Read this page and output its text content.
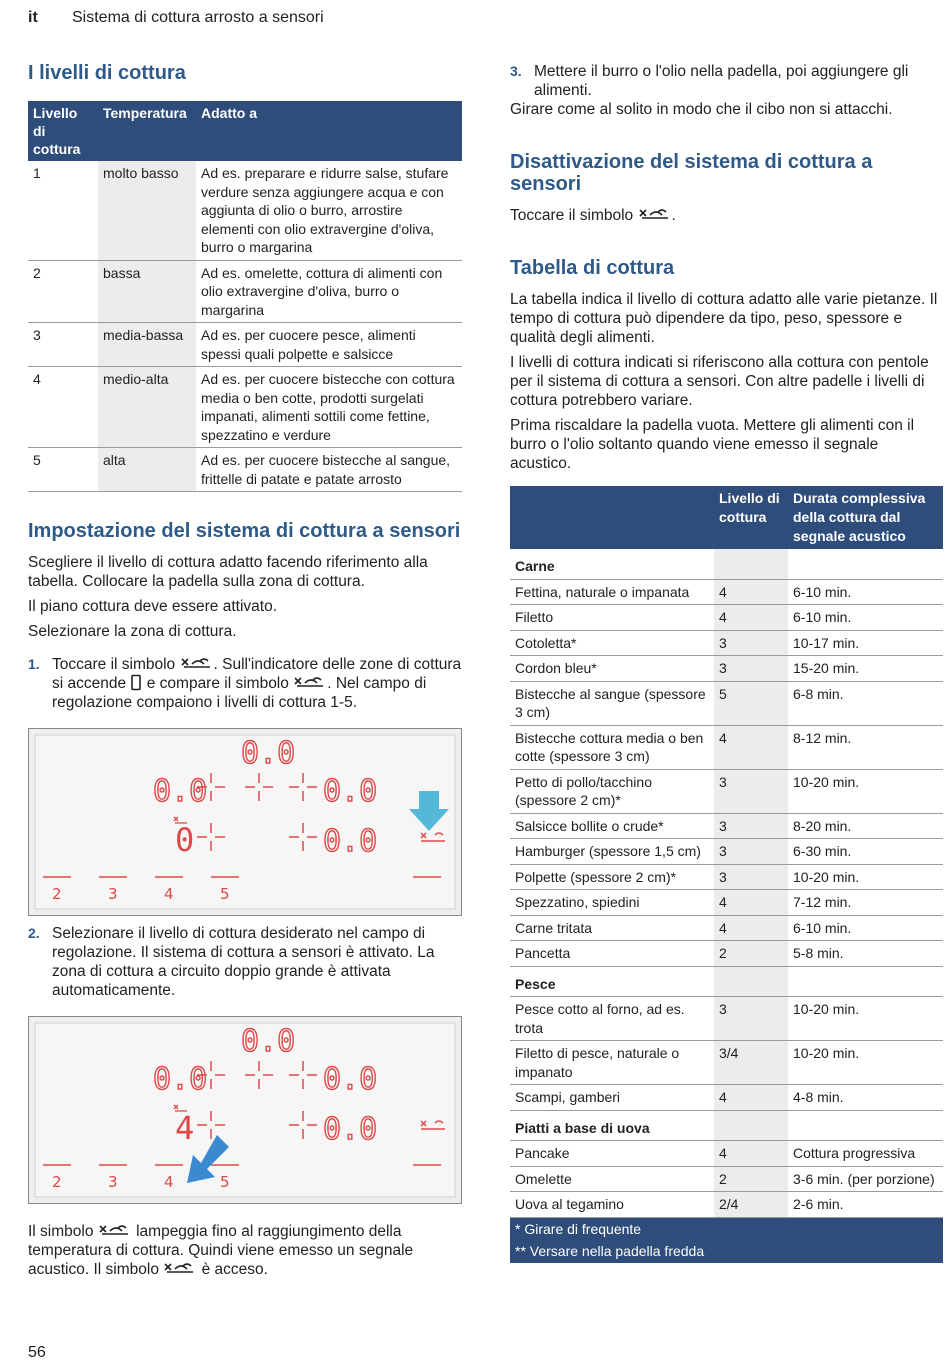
it Sistema di cottura arrosto a sensori
I livelli di cottura
Livello di cottura	Temperatura	Adatto a
1	molto basso	Ad es. preparare e ridurre salse, stufare verdure senza aggiungere acqua e con aggiunta di olio o burro, arrostire elementi con olio extravergine d'oliva, burro o margarina
2	bassa	Ad es. omelette, cottura di alimenti con olio extravergine d'oliva, burro o margarina
3	media-bassa	Ad es. per cuocere pesce, alimenti spessi quali polpette e salsicce
4	medio-alta	Ad es. per cuocere bistecche con cottura media o ben cotte, prodotti surgelati impanati, alimenti sottili come fettine, spezzatino e verdure
5	alta	Ad es. per cuocere bistecche al sangue, frittelle di patate e patate arrosto
Impostazione del sistema di cottura a sensori

Scegliere il livello di cottura adatto facendo riferimento alla tabella. Collocare la padella sulla zona di cottura.

Il piano cottura deve essere attivato.

Selezionare la zona di cottura.

1. Toccare il simbolo . Sull'indicatore delle zone di cottura si accende e compare il simbolo . Nel campo di regolazione compaiono i livelli di cottura 1-5.
0.0
0.0	0.0
0.0
0
2	3	4	5
2. Selezionare il livello di cottura desiderato nel campo di regolazione. Il sistema di cottura a sensori è attivato. La zona di cottura a circuito doppio grande è attivata automaticamente.
0.0
0.0	0.0
0.0
4
2	3	4	5

Il simbolo	lampeggia fino al raggiungimento della temperatura di cottura. Quindi viene emesso un segnale acustico. Il simbolo	è acceso.

3. Mettere il burro o l'olio nella padella, poi aggiungere gli alimenti.

Girare come al solito in modo che il cibo non si attacchi.

Disattivazione del sistema di cottura a sensori

Toccare il simbolo .

Tabella di cottura

La tabella indica il livello di cottura adatto alle varie pietanze. Il tempo di cottura può dipendere da tipo, peso, spessore e qualità degli alimenti.

I livelli di cottura indicati si riferiscono alla cottura con pentole per il sistema di cottura a sensori. Con altre padelle i livelli di cottura potrebbero variare.

Prima riscaldare la padella vuota. Mettere gli alimenti con il burro o l'olio soltanto quando viene emesso il segnale acustico.

	Livello di cottura	Durata complessiva della cottura dal segnale acustico
Carne		
Fettina, naturale o impanata	4	6-10 min.
Filetto	4	6-10 min.
Cotoletta*	3	10-17 min.
Cordon bleu*	3	15-20 min.
Bistecche al sangue (spessore 3 cm)	5	6-8 min.
Bistecche cottura media o ben cotte (spessore 3 cm)	4	8-12 min.
Petto di pollo/tacchino (spessore 2 cm)*	3	10-20 min.
Salsicce bollite o crude*	3	8-20 min.
Hamburger (spessore 1,5 cm)	3	6-30 min.
Polpette (spessore 2 cm)*	3	10-20 min.
Spezzatino, spiedini	4	7-12 min.
Carne tritata	4	6-10 min.
Pancetta	2	5-8 min.
Pesce		
Pesce cotto al forno, ad es. trota	3	10-20 min.
Filetto di pesce, naturale o impanato	3/4	10-20 min.
Scampi, gamberi	4	4-8 min.
Piatti a base di uova		
Pancake	4	Cottura progressiva
Omelette	2	3-6 min. (per porzione)
Uova al tegamino	2/4	2-6 min.
* Girare di frequente		
** Versare nella padella fredda		
56
